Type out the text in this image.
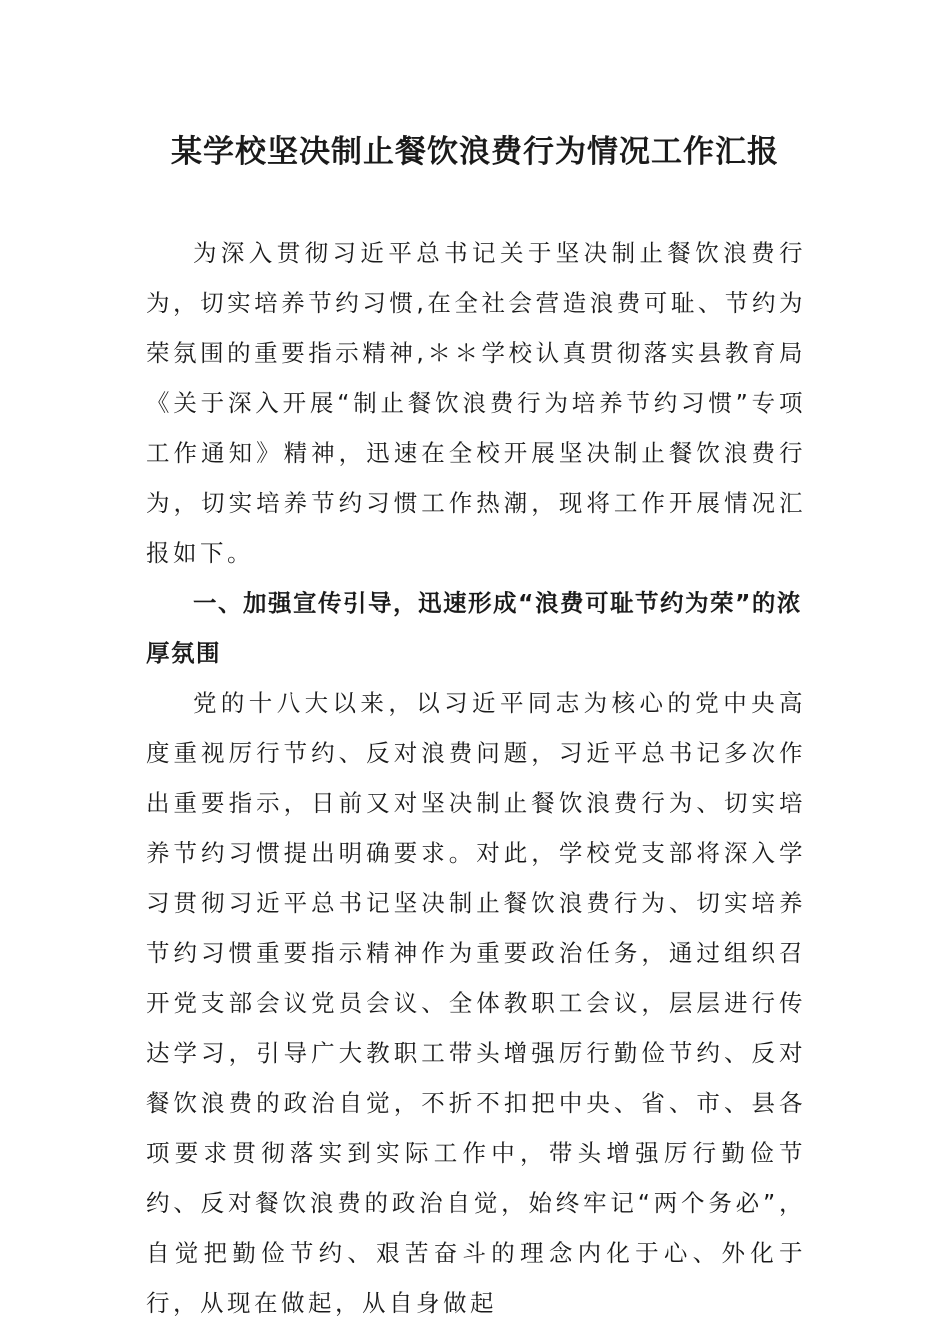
某学校坚决制止餐饮浪费行为情况工作汇报

为深入贯彻习近平总书记关于坚决制止餐饮浪费行为，切实培养节约习惯,在全社会营造浪费可耻、节约为荣氛围的重要指示精神,＊＊学校认真贯彻落实县教育局《关于深入开展“制止餐饮浪费行为培养节约习惯”专项工作通知》精神，迅速在全校开展坚决制止餐饮浪费行为，切实培养节约习惯工作热潮，现将工作开展情况汇报如下。

一、加强宣传引导，迅速形成“浪费可耻节约为荣”的浓厚氛围

党的十八大以来，以习近平同志为核心的党中央高度重视厉行节约、反对浪费问题，习近平总书记多次作出重要指示，日前又对坚决制止餐饮浪费行为、切实培养节约习惯提出明确要求。对此，学校党支部将深入学习贯彻习近平总书记坚决制止餐饮浪费行为、切实培养节约习惯重要指示精神作为重要政治任务，通过组织召开党支部会议党员会议、全体教职工会议，层层进行传达学习，引导广大教职工带头增强厉行勤俭节约、反对餐饮浪费的政治自觉，不折不扣把中央、省、市、县各项要求贯彻落实到实际工作中，带头增强厉行勤俭节约、反对餐饮浪费的政治自觉，始终牢记“两个务必”，自觉把勤俭节约、艰苦奋斗的理念内化于心、外化于行，从现在做起，从自身做起
